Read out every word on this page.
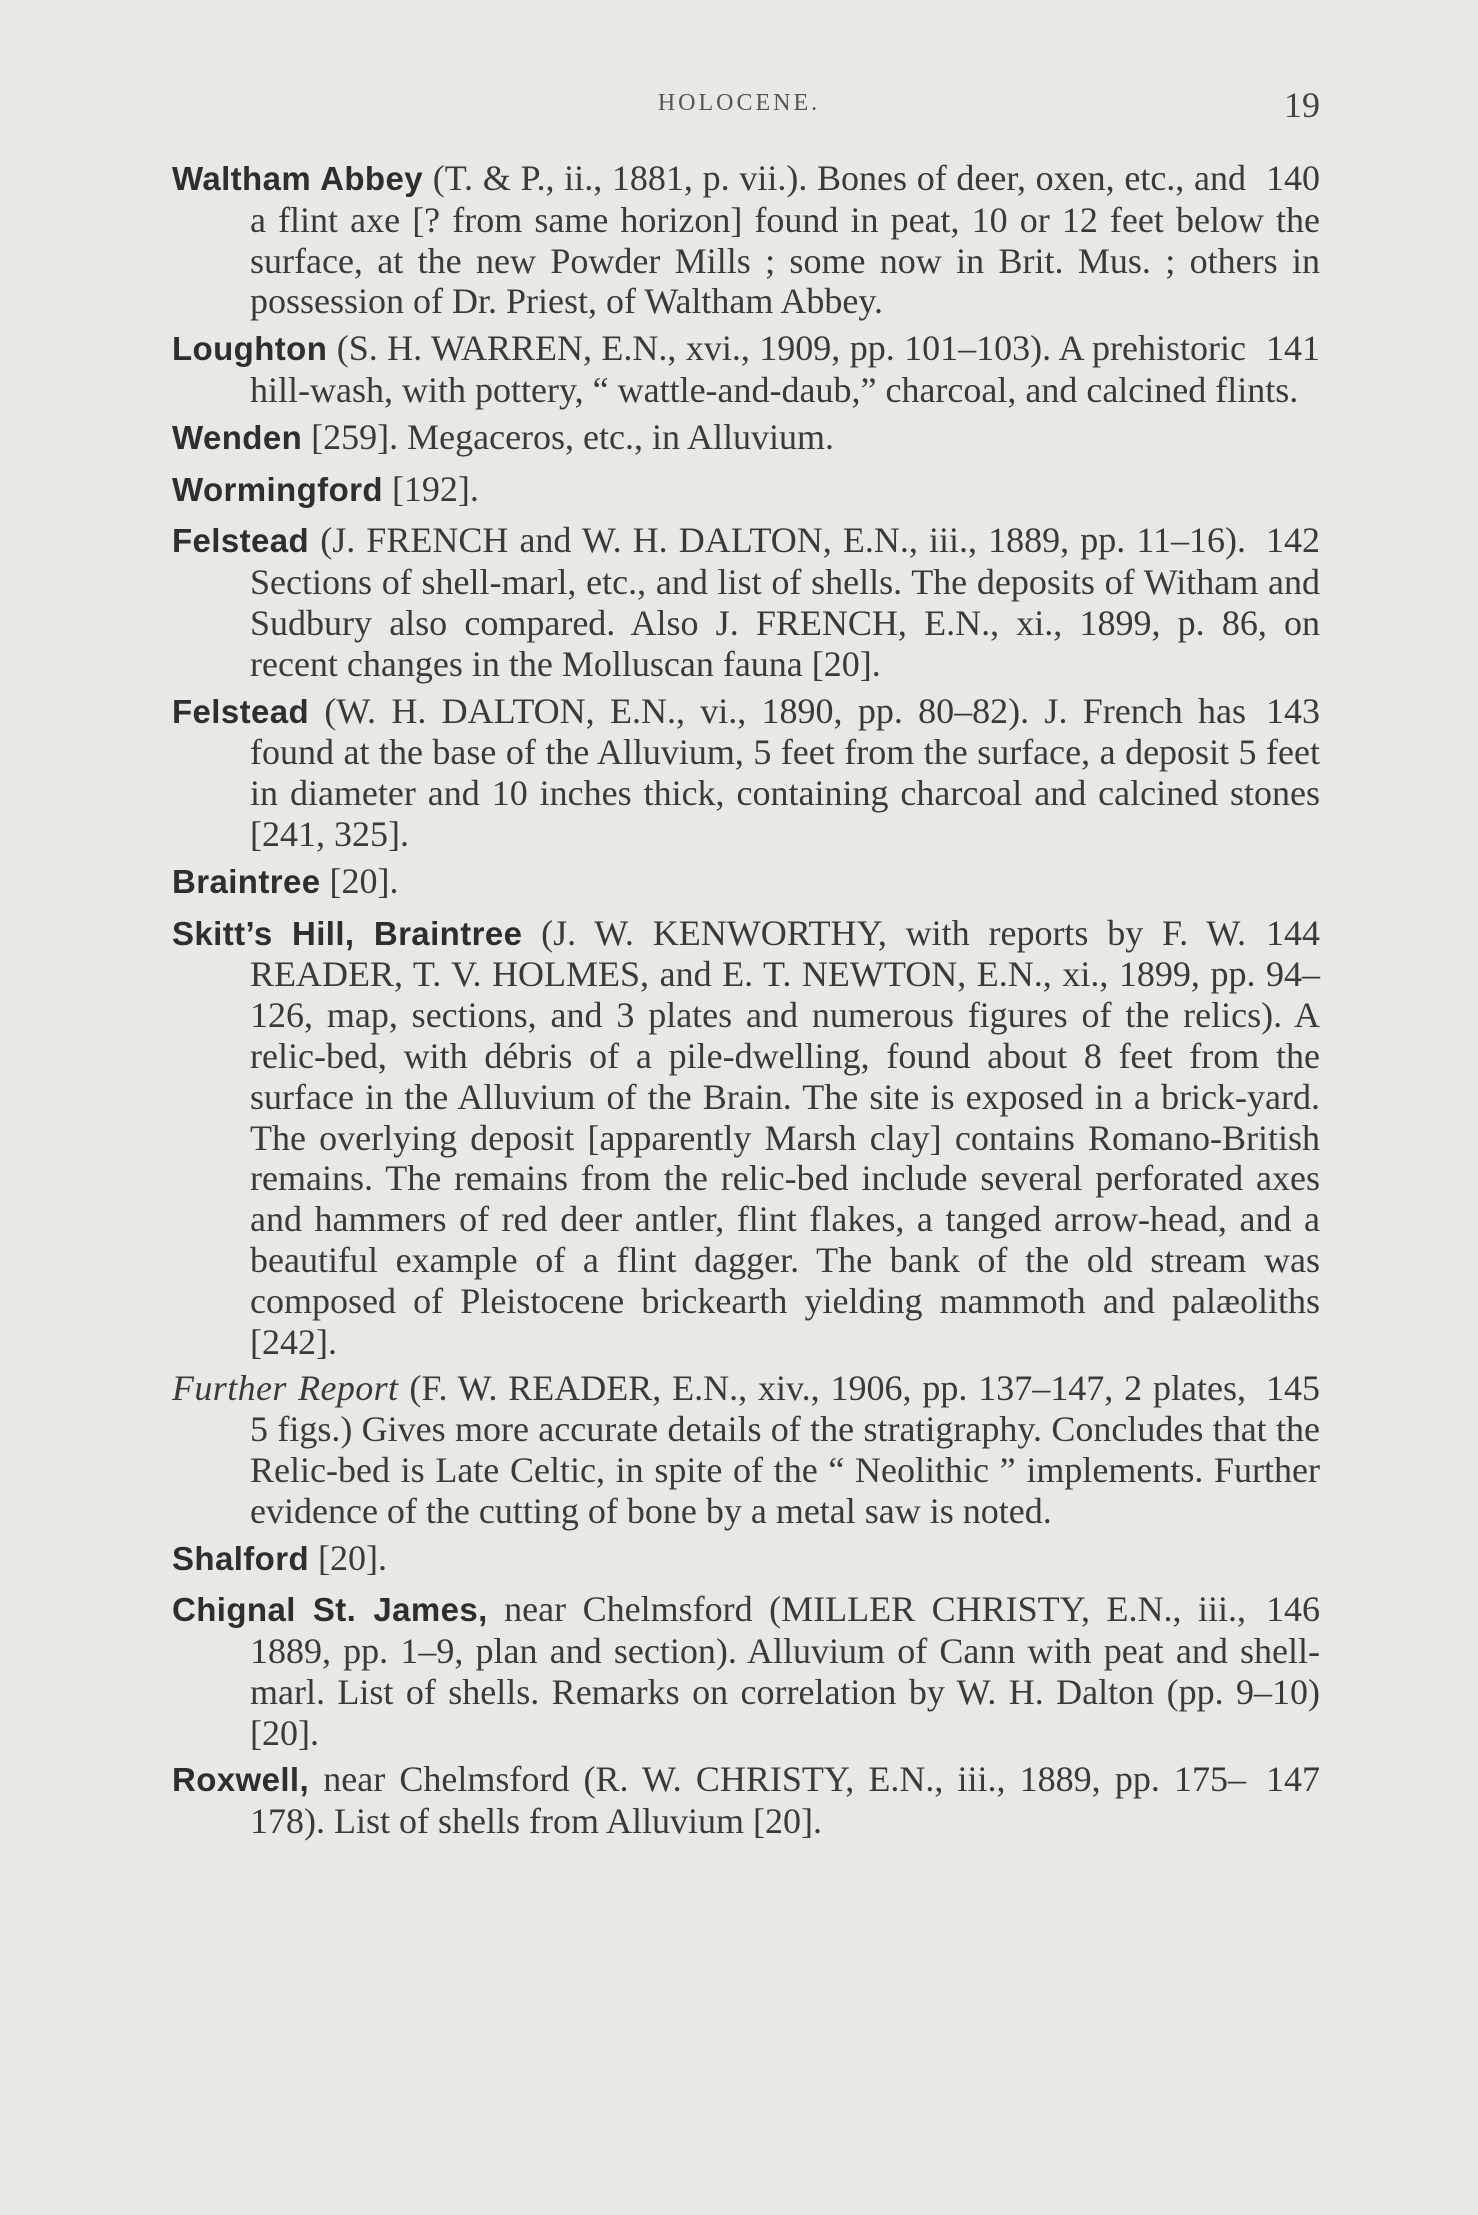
HOLOCENE.	19
140
Waltham Abbey (T. & P., ii., 1881, p. vii.). Bones of deer, oxen, etc., and a flint axe [? from same horizon] found in peat, 10 or 12 feet below the surface, at the new Powder Mills ; some now in Brit. Mus. ; others in possession of Dr. Priest, of Waltham Abbey.
141
Loughton (S. H. WARREN, E.N., xvi., 1909, pp. 101–103). A prehistoric hill-wash, with pottery, “ wattle-and-daub,” charcoal, and calcined flints.
Wenden [259]. Megaceros, etc., in Alluvium.
Wormingford [192].
142
Felstead (J. FRENCH and W. H. DALTON, E.N., iii., 1889, pp. 11–16). Sections of shell-marl, etc., and list of shells. The deposits of Witham and Sudbury also compared. Also J. FRENCH, E.N., xi., 1899, p. 86, on recent changes in the Molluscan fauna [20].
143
Felstead (W. H. DALTON, E.N., vi., 1890, pp. 80–82). J. French has found at the base of the Alluvium, 5 feet from the surface, a deposit 5 feet in diameter and 10 inches thick, containing charcoal and calcined stones [241, 325].
Braintree [20].
144
Skitt’s Hill, Braintree (J. W. KENWORTHY, with reports by F. W. READER, T. V. HOLMES, and E. T. NEWTON, E.N., xi., 1899, pp. 94–126, map, sections, and 3 plates and numerous figures of the relics). A relic-bed, with débris of a pile-dwelling, found about 8 feet from the surface in the Alluvium of the Brain. The site is exposed in a brick-yard. The overlying deposit [apparently Marsh clay] contains Romano-British remains. The remains from the relic-bed include several perforated axes and hammers of red deer antler, flint flakes, a tanged arrow-head, and a beautiful example of a flint dagger. The bank of the old stream was composed of Pleistocene brickearth yielding mammoth and palæoliths [242].
145
Further Report (F. W. READER, E.N., xiv., 1906, pp. 137–147, 2 plates, 5 figs.) Gives more accurate details of the stratigraphy. Concludes that the Relic-bed is Late Celtic, in spite of the “ Neolithic ” implements. Further evidence of the cutting of bone by a metal saw is noted.
Shalford [20].
146
Chignal St. James, near Chelmsford (MILLER CHRISTY, E.N., iii., 1889, pp. 1–9, plan and section). Alluvium of Cann with peat and shell-marl. List of shells. Remarks on correlation by W. H. Dalton (pp. 9–10) [20].
147
Roxwell, near Chelmsford (R. W. CHRISTY, E.N., iii., 1889, pp. 175–178). List of shells from Alluvium [20].
